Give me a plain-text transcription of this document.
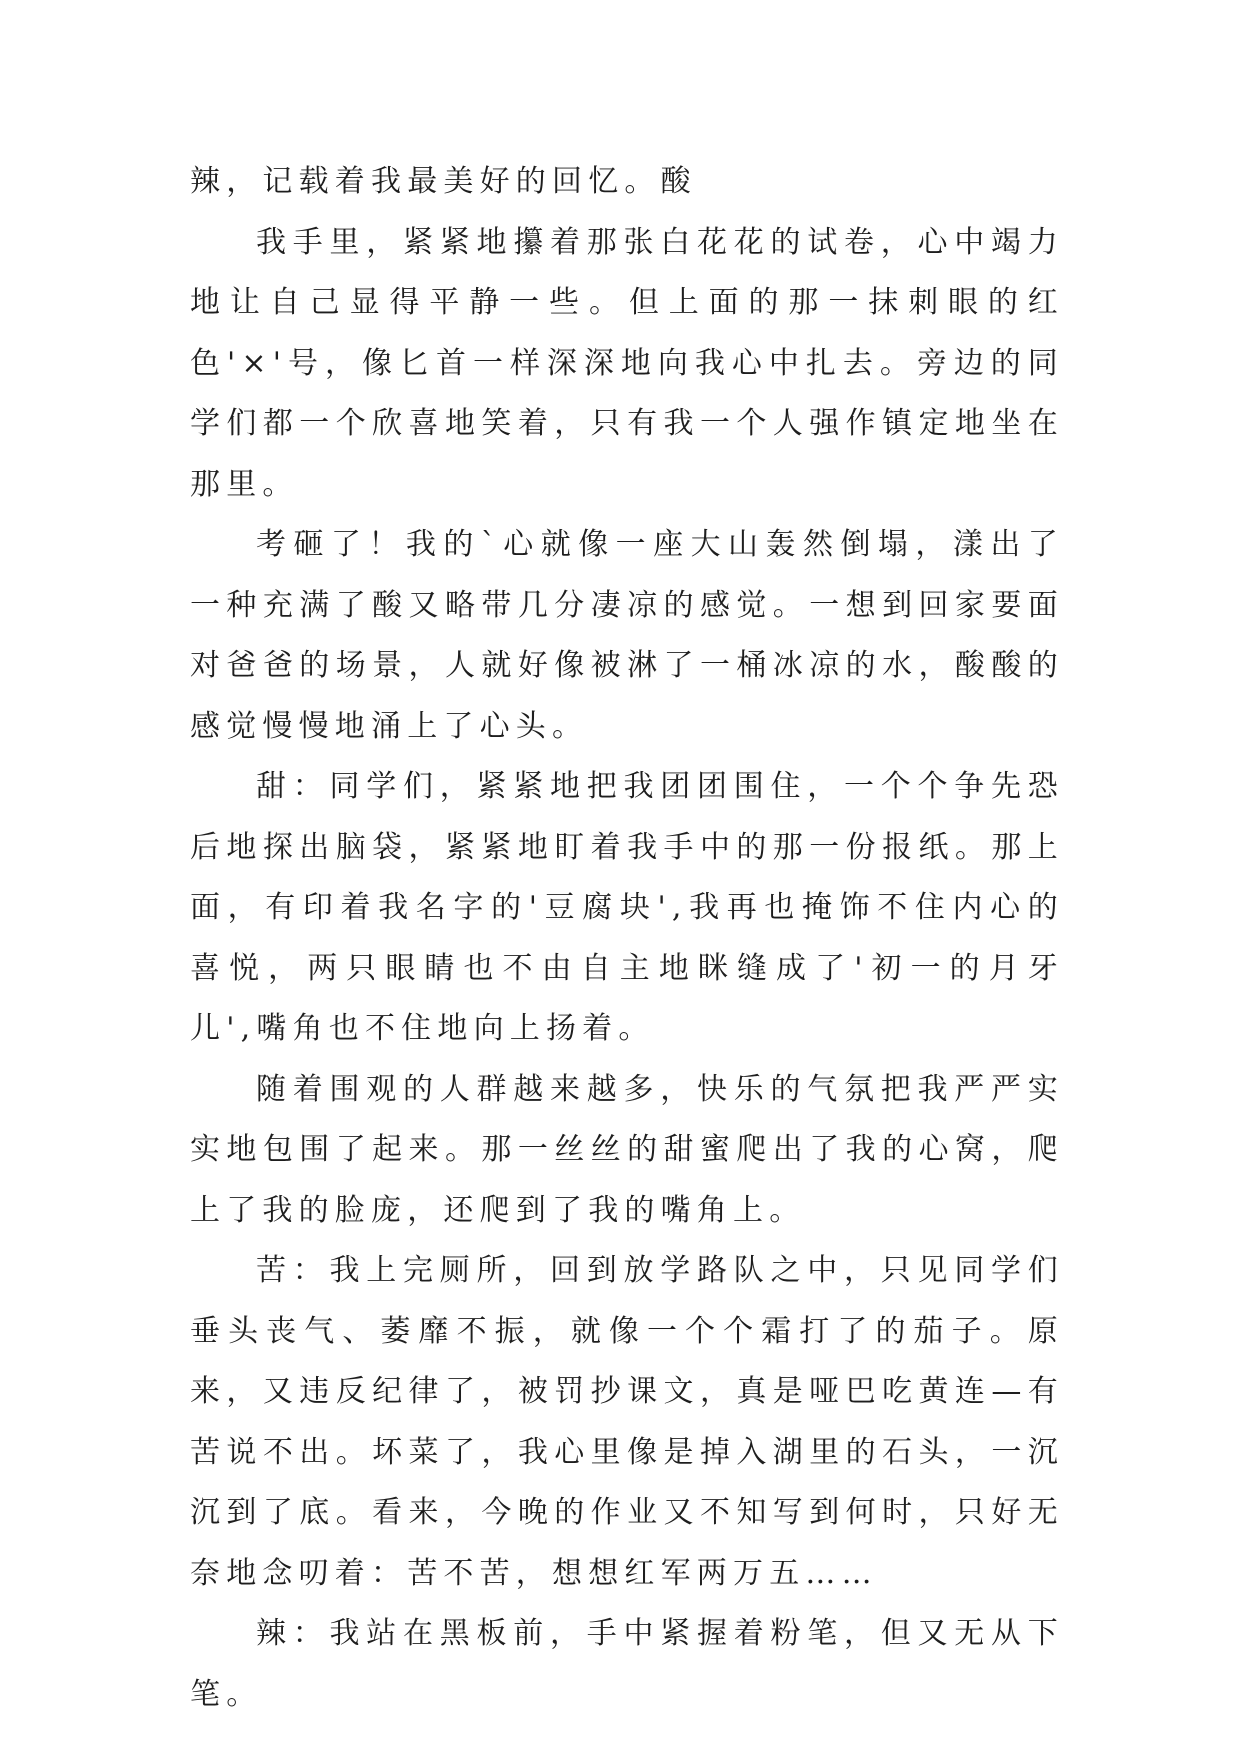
辣，记载着我最美好的回忆。酸

我手里，紧紧地攥着那张白花花的试卷，心中竭力地让自己显得平静一些。但上面的那一抹刺眼的红色'×'号，像匕首一样深深地向我心中扎去。旁边的同学们都一个欣喜地笑着，只有我一个人强作镇定地坐在那里。

考砸了！我的`心就像一座大山轰然倒塌，漾出了一种充满了酸又略带几分凄凉的感觉。一想到回家要面对爸爸的场景，人就好像被淋了一桶冰凉的水，酸酸的感觉慢慢地涌上了心头。

甜：同学们，紧紧地把我团团围住，一个个争先恐后地探出脑袋，紧紧地盯着我手中的那一份报纸。那上面，有印着我名字的'豆腐块',我再也掩饰不住内心的喜悦，两只眼睛也不由自主地眯缝成了'初一的月牙儿',嘴角也不住地向上扬着。

随着围观的人群越来越多，快乐的气氛把我严严实实地包围了起来。那一丝丝的甜蜜爬出了我的心窝，爬上了我的脸庞，还爬到了我的嘴角上。

苦：我上完厕所，回到放学路队之中，只见同学们垂头丧气、萎靡不振，就像一个个霜打了的茄子。原来，又违反纪律了，被罚抄课文，真是哑巴吃黄连—有苦说不出。坏菜了，我心里像是掉入湖里的石头，一沉沉到了底。看来，今晚的作业又不知写到何时，只好无奈地念叨着：苦不苦，想想红军两万五……

辣：我站在黑板前，手中紧握着粉笔，但又无从下笔。
